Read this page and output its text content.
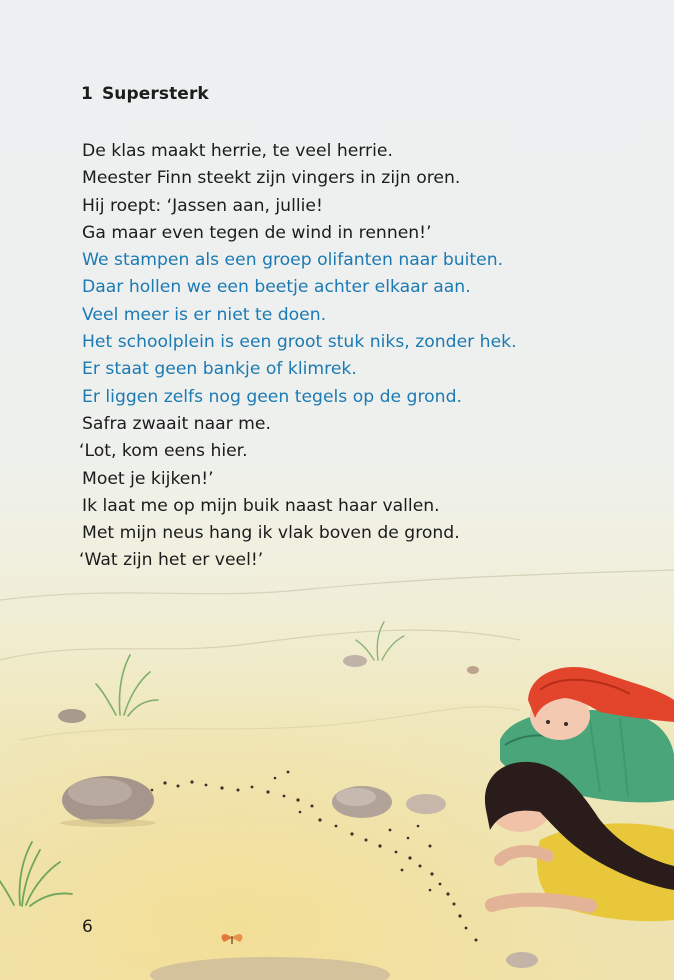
1 Supersterk
De klas maakt herrie, te veel herrie.
Meester Finn steekt zijn vingers in zijn oren.
Hij roept: ‘Jassen aan, jullie!
Ga maar even tegen de wind in rennen!’
We stampen als een groep olifanten naar buiten.
Daar hollen we een beetje achter elkaar aan.
Veel meer is er niet te doen.
Het schoolplein is een groot stuk niks, zonder hek.
Er staat geen bankje of klimrek.
Er liggen zelfs nog geen tegels op de grond.
Safra zwaait naar me.
‘Lot, kom eens hier.
Moet je kijken!’
Ik laat me op mijn buik naast haar vallen.
Met mijn neus hang ik vlak boven de grond.
‘Wat zijn het er veel!’
6
